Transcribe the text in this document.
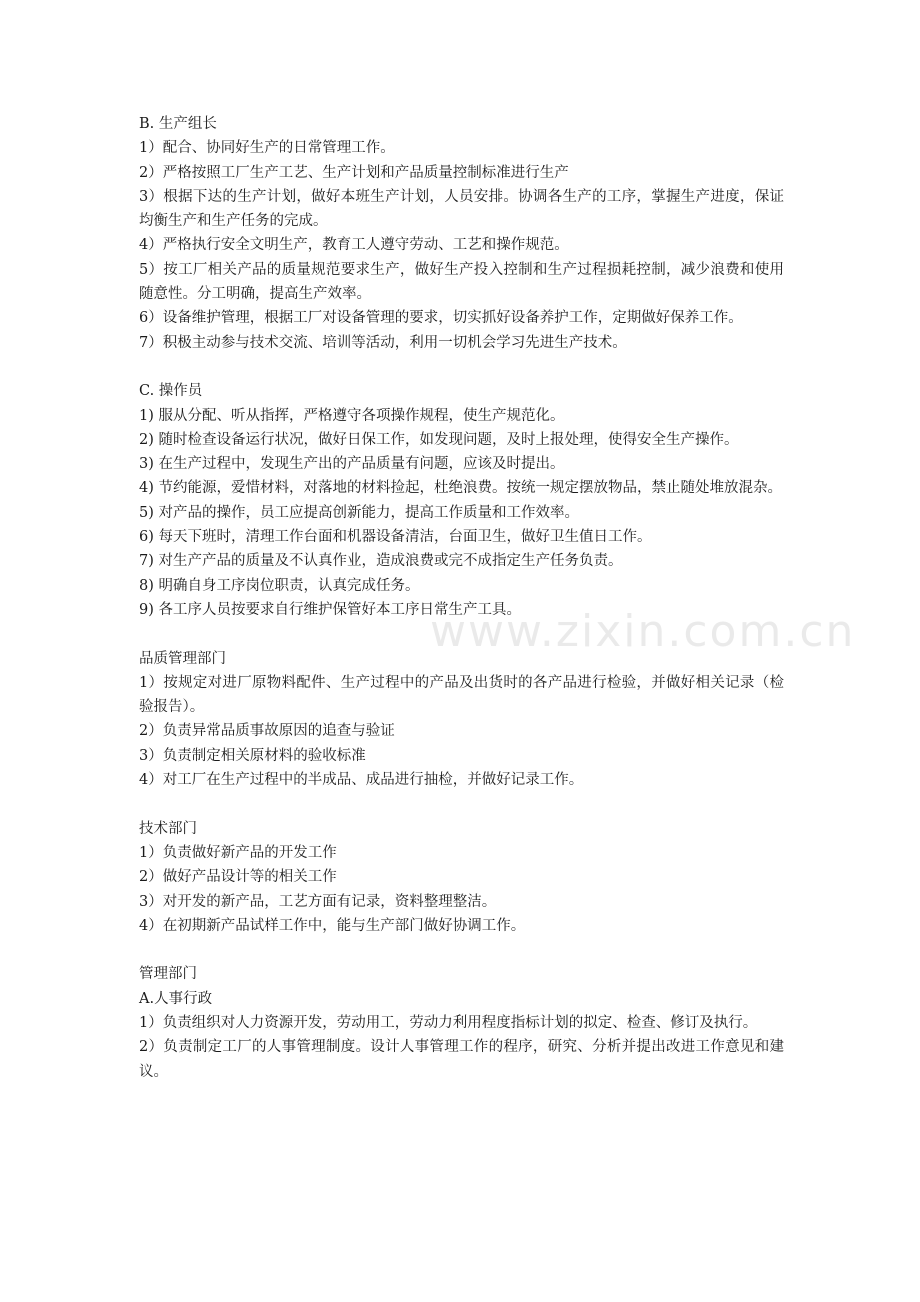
B. 生产组长

1）配合、协同好生产的日常管理工作。

2）严格按照工厂生产工艺、生产计划和产品质量控制标准进行生产

3）根据下达的生产计划，做好本班生产计划，人员安排。协调各生产的工序，掌握生产进度，保证均衡生产和生产任务的完成。

4）严格执行安全文明生产，教育工人遵守劳动、工艺和操作规范。

5）按工厂相关产品的质量规范要求生产，做好生产投入控制和生产过程损耗控制，减少浪费和使用随意性。分工明确，提高生产效率。

6）设备维护管理，根据工厂对设备管理的要求，切实抓好设备养护工作，定期做好保养工作。

7）积极主动参与技术交流、培训等活动，利用一切机会学习先进生产技术。

C. 操作员

1) 服从分配、听从指挥，严格遵守各项操作规程，使生产规范化。

2) 随时检查设备运行状况，做好日保工作，如发现问题，及时上报处理，使得安全生产操作。

3) 在生产过程中，发现生产出的产品质量有问题，应该及时提出。

4) 节约能源，爱惜材料，对落地的材料捡起，杜绝浪费。按统一规定摆放物品，禁止随处堆放混杂。

5) 对产品的操作，员工应提高创新能力，提高工作质量和工作效率。

6) 每天下班时，清理工作台面和机器设备清洁，台面卫生，做好卫生值日工作。

7) 对生产产品的质量及不认真作业，造成浪费或完不成指定生产任务负责。

8) 明确自身工序岗位职责，认真完成任务。

9) 各工序人员按要求自行维护保管好本工序日常生产工具。

品质管理部门

1）按规定对进厂原物料配件、生产过程中的产品及出货时的各产品进行检验，并做好相关记录（检验报告）。

2）负责异常品质事故原因的追查与验证

3）负责制定相关原材料的验收标准

4）对工厂在生产过程中的半成品、成品进行抽检，并做好记录工作。

技术部门

1）负责做好新产品的开发工作

2）做好产品设计等的相关工作

3）对开发的新产品，工艺方面有记录，资料整理整洁。

4）在初期新产品试样工作中，能与生产部门做好协调工作。

管理部门

A.人事行政

1）负责组织对人力资源开发，劳动用工，劳动力利用程度指标计划的拟定、检查、修订及执行。

2）负责制定工厂的人事管理制度。设计人事管理工作的程序，研究、分析并提出改进工作意见和建议。

www.zixin.com.cn
